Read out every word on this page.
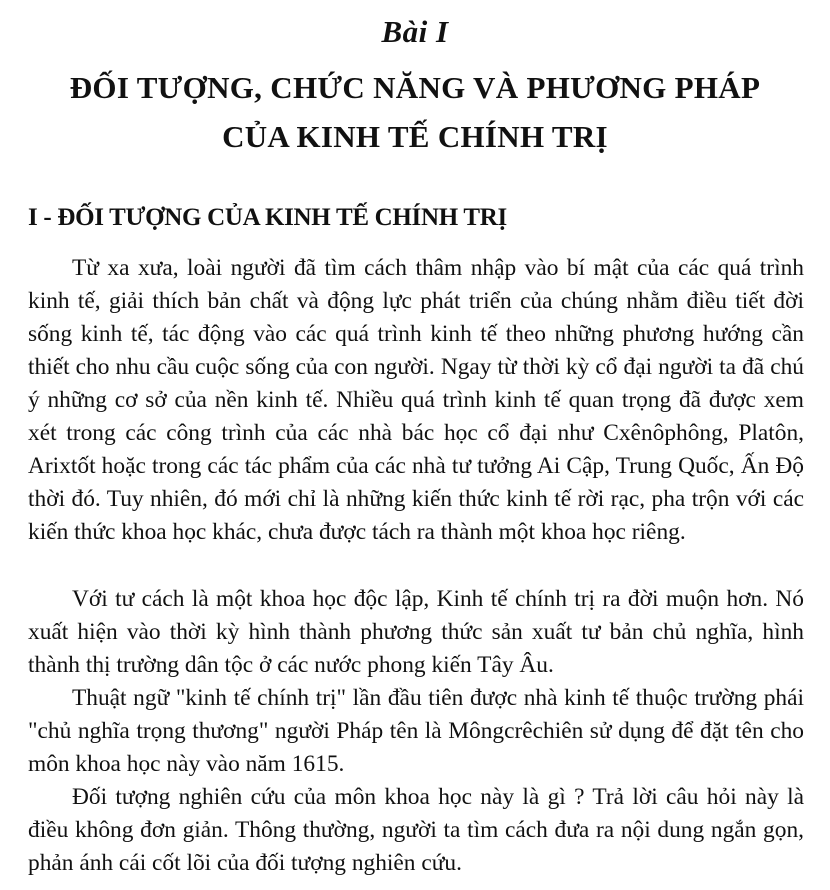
Bài I
ĐỐI TƯỢNG, CHỨC NĂNG VÀ PHƯƠNG PHÁP
CỦA KINH TẾ CHÍNH TRỊ
I - ĐỐI TƯỢNG CỦA KINH TẾ CHÍNH TRỊ

Từ xa xưa, loài người đã tìm cách thâm nhập vào bí mật của các quá trình kinh tế, giải thích bản chất và động lực phát triển của chúng nhằm điều tiết đời sống kinh tế, tác động vào các quá trình kinh tế theo những phương hướng cần thiết cho nhu cầu cuộc sống của con người. Ngay từ thời kỳ cổ đại người ta đã chú ý những cơ sở của nền kinh tế. Nhiều quá trình kinh tế quan trọng đã được xem xét trong các công trình của các nhà bác học cổ đại như Cxênôphông, Platôn, Arixtốt hoặc trong các tác phẩm của các nhà tư tưởng Ai Cập, Trung Quốc, Ấn Độ thời đó. Tuy nhiên, đó mới chỉ là những kiến thức kinh tế rời rạc, pha trộn với các kiến thức khoa học khác, chưa được tách ra thành một khoa học riêng.

Với tư cách là một khoa học độc lập, Kinh tế chính trị ra đời muộn hơn. Nó xuất hiện vào thời kỳ hình thành phương thức sản xuất tư bản chủ nghĩa, hình thành thị trường dân tộc ở các nước phong kiến Tây Âu.

Thuật ngữ "kinh tế chính trị" lần đầu tiên được nhà kinh tế thuộc trường phái "chủ nghĩa trọng thương" người Pháp tên là Môngcrêchiên sử dụng để đặt tên cho môn khoa học này vào năm 1615.

Đối tượng nghiên cứu của môn khoa học này là gì ? Trả lời câu hỏi này là điều không đơn giản. Thông thường, người ta tìm cách đưa ra nội dung ngắn gọn, phản ánh cái cốt lõi của đối tượng nghiên cứu.
